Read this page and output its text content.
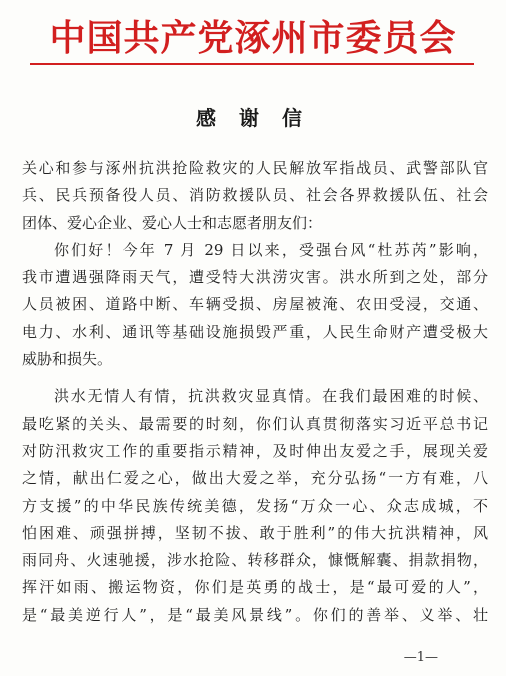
中国共产党涿州市委员会
感 谢 信
关心和参与涿州抗洪抢险救灾的人民解放军指战员、武警部队官
兵、民兵预备役人员、消防救援队员、社会各界救援队伍、社会
团体、爱心企业、爱心人士和志愿者朋友们：
你们好！今年 7 月 29 日以来，受强台风“杜苏芮”影响，
我市遭遇强降雨天气，遭受特大洪涝灾害。洪水所到之处，部分
人员被困、道路中断、车辆受损、房屋被淹、农田受浸，交通、
电力、水利、通讯等基础设施损毁严重，人民生命财产遭受极大
威胁和损失。
洪水无情人有情，抗洪救灾显真情。在我们最困难的时候、
最吃紧的关头、最需要的时刻，你们认真贯彻落实习近平总书记
对防汛救灾工作的重要指示精神，及时伸出友爱之手，展现关爱
之情，献出仁爱之心，做出大爱之举，充分弘扬“一方有难，八
方支援”的中华民族传统美德，发扬“万众一心、众志成城，不
怕困难、顽强拼搏，坚韧不拔、敢于胜利”的伟大抗洪精神，风
雨同舟、火速驰援，涉水抢险、转移群众，慷慨解囊、捐款捐物，
挥汗如雨、搬运物资，你们是英勇的战士，是“最可爱的人”，
是“最美逆行人”，是“最美风景线”。你们的善举、义举、壮
—1—
